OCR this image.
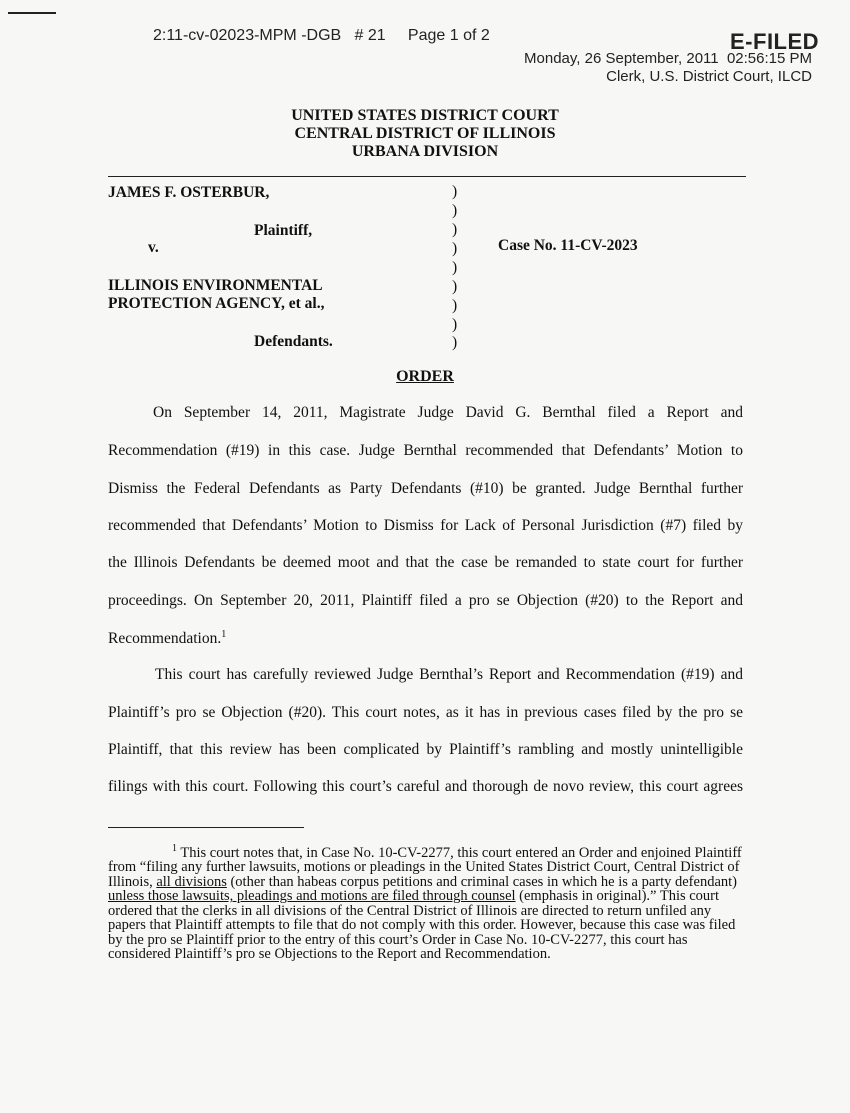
2:11-cv-02023-MPM -DGB   # 21     Page 1 of 2	E-FILED
Monday, 26 September, 2011  02:56:15 PM
Clerk, U.S. District Court, ILCD
UNITED STATES DISTRICT COURT
CENTRAL DISTRICT OF ILLINOIS
URBANA DIVISION
JAMES F. OSTERBUR,
Plaintiff,
v.
ILLINOIS ENVIRONMENTAL
PROTECTION AGENCY, et al.,
Defendants.
Case No. 11-CV-2023
)
)
)
)
)
)
)
)
)
ORDER
On September 14, 2011, Magistrate Judge David G. Bernthal filed a Report and
Recommendation (#19) in this case. Judge Bernthal recommended that Defendants’ Motion to
Dismiss the Federal Defendants as Party Defendants (#10) be granted. Judge Bernthal further
recommended that Defendants’ Motion to Dismiss for Lack of Personal Jurisdiction (#7) filed by
the Illinois Defendants be deemed moot and that the case be remanded to state court for further
proceedings. On September 20, 2011, Plaintiff filed a pro se Objection (#20) to the Report and
Recommendation.$^1$
This court has carefully reviewed Judge Bernthal’s Report and Recommendation (#19) and
Plaintiff’s pro se Objection (#20). This court notes, as it has in previous cases filed by the pro se
Plaintiff, that this review has been complicated by Plaintiff’s rambling and mostly unintelligible
filings with this court. Following this court’s careful and thorough de novo review, this court agrees
$^1$ This court notes that, in Case No. 10-CV-2277, this court entered an Order and enjoined Plaintiff from “filing any further lawsuits, motions or pleadings in the United States District Court, Central District of Illinois, all divisions (other than habeas corpus petitions and criminal cases in which he is a party defendant) unless those lawsuits, pleadings and motions are filed through counsel (emphasis in original).” This court ordered that the clerks in all divisions of the Central District of Illinois are directed to return unfiled any papers that Plaintiff attempts to file that do not comply with this order. However, because this case was filed by the pro se Plaintiff prior to the entry of this court’s Order in Case No. 10-CV-2277, this court has considered Plaintiff’s pro se Objections to the Report and Recommendation.
